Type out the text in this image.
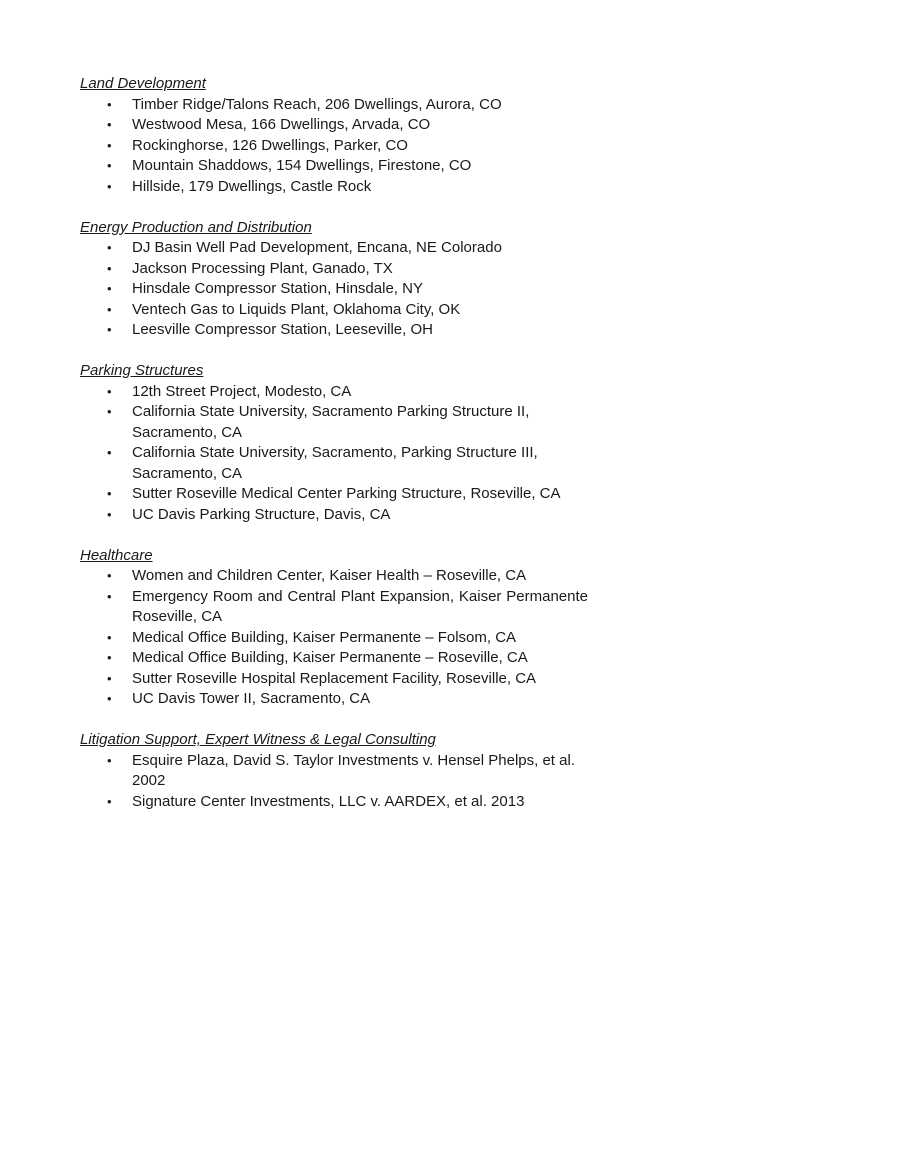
Land Development
•	Timber Ridge/Talons Reach, 206 Dwellings, Aurora, CO
•	Westwood Mesa, 166 Dwellings, Arvada, CO
•	Rockinghorse, 126 Dwellings, Parker, CO
•	Mountain Shaddows, 154 Dwellings, Firestone, CO
•	Hillside, 179 Dwellings, Castle Rock
Energy Production and Distribution
•	DJ Basin Well Pad Development, Encana, NE Colorado
•	Jackson Processing Plant, Ganado, TX
•	Hinsdale Compressor Station, Hinsdale, NY
•	Ventech Gas to Liquids Plant, Oklahoma City, OK
•	Leesville Compressor Station, Leeseville, OH
Parking Structures
•	12th Street Project, Modesto, CA
•	California State University, Sacramento Parking Structure II, Sacramento, CA
•	California State University, Sacramento, Parking Structure III, Sacramento, CA
•	Sutter Roseville Medical Center Parking Structure, Roseville, CA
•	UC Davis Parking Structure, Davis, CA
Healthcare
•	Women and Children Center, Kaiser Health – Roseville, CA
•	Emergency Room and Central Plant Expansion, Kaiser Permanente Roseville, CA
•	Medical Office Building, Kaiser Permanente – Folsom, CA
•	Medical Office Building, Kaiser Permanente – Roseville, CA
•	Sutter Roseville Hospital Replacement Facility, Roseville, CA
•	UC Davis Tower II, Sacramento, CA
Litigation Support, Expert Witness & Legal Consulting
•	Esquire Plaza, David S. Taylor Investments v. Hensel Phelps, et al. 2002
•	Signature Center Investments, LLC v. AARDEX, et al. 2013
